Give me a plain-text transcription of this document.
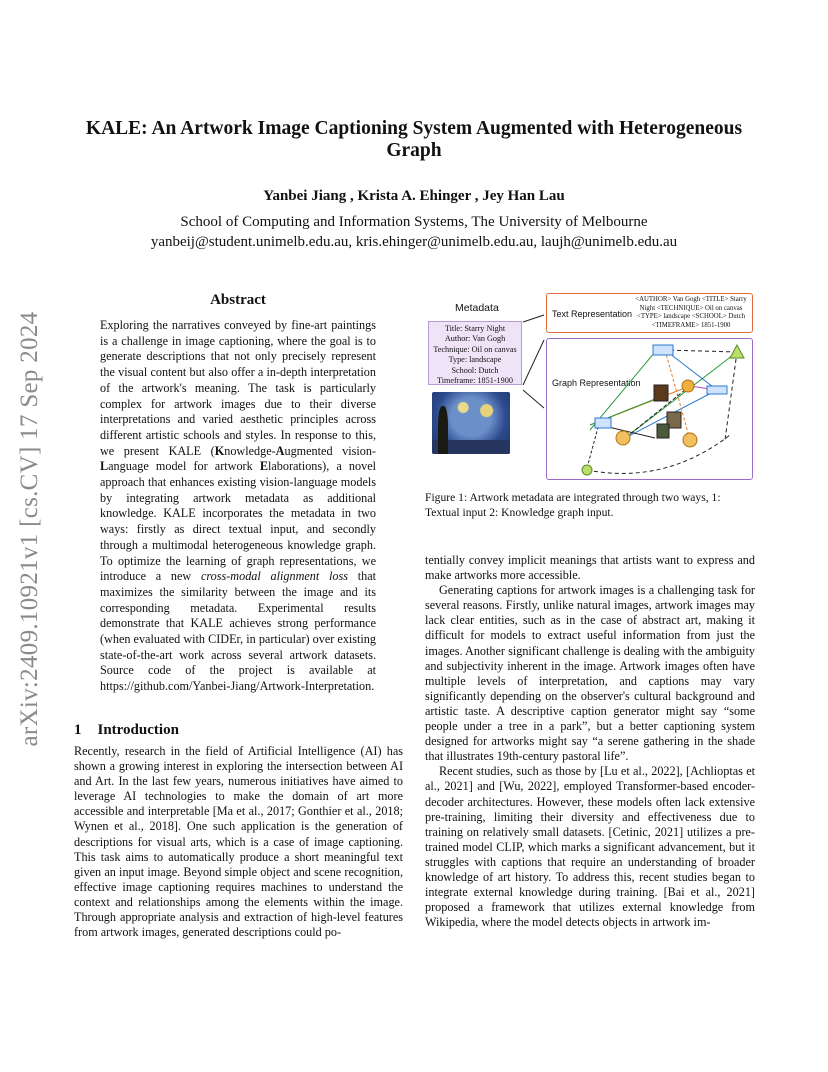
KALE: An Artwork Image Captioning System Augmented with Heterogeneous Graph
Yanbei Jiang , Krista A. Ehinger , Jey Han Lau
School of Computing and Information Systems, The University of Melbourne
yanbeij@student.unimelb.edu.au, kris.ehinger@unimelb.edu.au, laujh@unimelb.edu.au
arXiv:2409.10921v1 [cs.CV] 17 Sep 2024
Abstract
Exploring the narratives conveyed by fine-art paintings is a challenge in image captioning, where the goal is to generate descriptions that not only precisely represent the visual content but also offer a in-depth interpretation of the artwork's meaning. The task is particularly complex for artwork images due to their diverse interpretations and varied aesthetic principles across different artistic schools and styles. In response to this, we present KALE (Knowledge-Augmented vision-Language model for artwork Elaborations), a novel approach that enhances existing vision-language models by integrating artwork metadata as additional knowledge. KALE incorporates the metadata in two ways: firstly as direct textual input, and secondly through a multimodal heterogeneous knowledge graph. To optimize the learning of graph representations, we introduce a new cross-modal alignment loss that maximizes the similarity between the image and its corresponding metadata. Experimental results demonstrate that KALE achieves strong performance (when evaluated with CIDEr, in particular) over existing state-of-the-art work across several artwork datasets. Source code of the project is available at https://github.com/Yanbei-Jiang/Artwork-Interpretation.
1 Introduction
Recently, research in the field of Artificial Intelligence (AI) has shown a growing interest in exploring the intersection between AI and Art. In the last few years, numerous initiatives have aimed to leverage AI technologies to make the domain of art more accessible and interpretable [Ma et al., 2017; Gonthier et al., 2018; Wynen et al., 2018]. One such application is the generation of descriptions for visual arts, which is a case of image captioning. This task aims to automatically produce a short meaningful text given an input image. Beyond simple object and scene recognition, effective image captioning requires machines to understand the context and relationships among the elements within the image. Through appropriate analysis and extraction of high-level features from artwork images, generated descriptions could po-
Metadata
Title: Starry Night
Author: Van Gogh
Technique: Oil on canvas
Type: landscape
School: Dutch
Timeframe: 1851-1900
Text Representation
<AUTHOR> Van Gogh <TITLE> Starry
Night <TECHNIQUE> Oil on canvas
<TYPE> landscape <SCHOOL> Dutch
<TIMEFRAME> 1851-1900
Graph Representation
Figure 1: Artwork metadata are integrated through two ways, 1: Textual input 2: Knowledge graph input.

tentially convey implicit meanings that artists want to express and make artworks more accessible.

Generating captions for artwork images is a challenging task for several reasons. Firstly, unlike natural images, artwork images may lack clear entities, such as in the case of abstract art, making it difficult for models to extract useful information from just the images. Another significant challenge is dealing with the ambiguity and subjectivity inherent in the image. Artwork images often have multiple levels of interpretation, and captions may vary significantly depending on the observer's cultural background and artistic taste. A descriptive caption generator might say “some people under a tree in a park”, but a better captioning system designed for artworks might say “a serene gathering in the shade that illustrates 19th-century pastoral life”.

Recent studies, such as those by [Lu et al., 2022], [Achlioptas et al., 2021] and [Wu, 2022], employed Transformer-based encoder-decoder architectures. However, these models often lack extensive pre-training, limiting their diversity and effectiveness due to training on relatively small datasets. [Cetinic, 2021] utilizes a pre-trained model CLIP, which marks a significant advancement, but it struggles with captions that require an understanding of broader knowledge of art history. To address this, recent studies began to integrate external knowledge during training. [Bai et al., 2021] proposed a framework that utilizes external knowledge from Wikipedia, where the model detects objects in artwork im-
